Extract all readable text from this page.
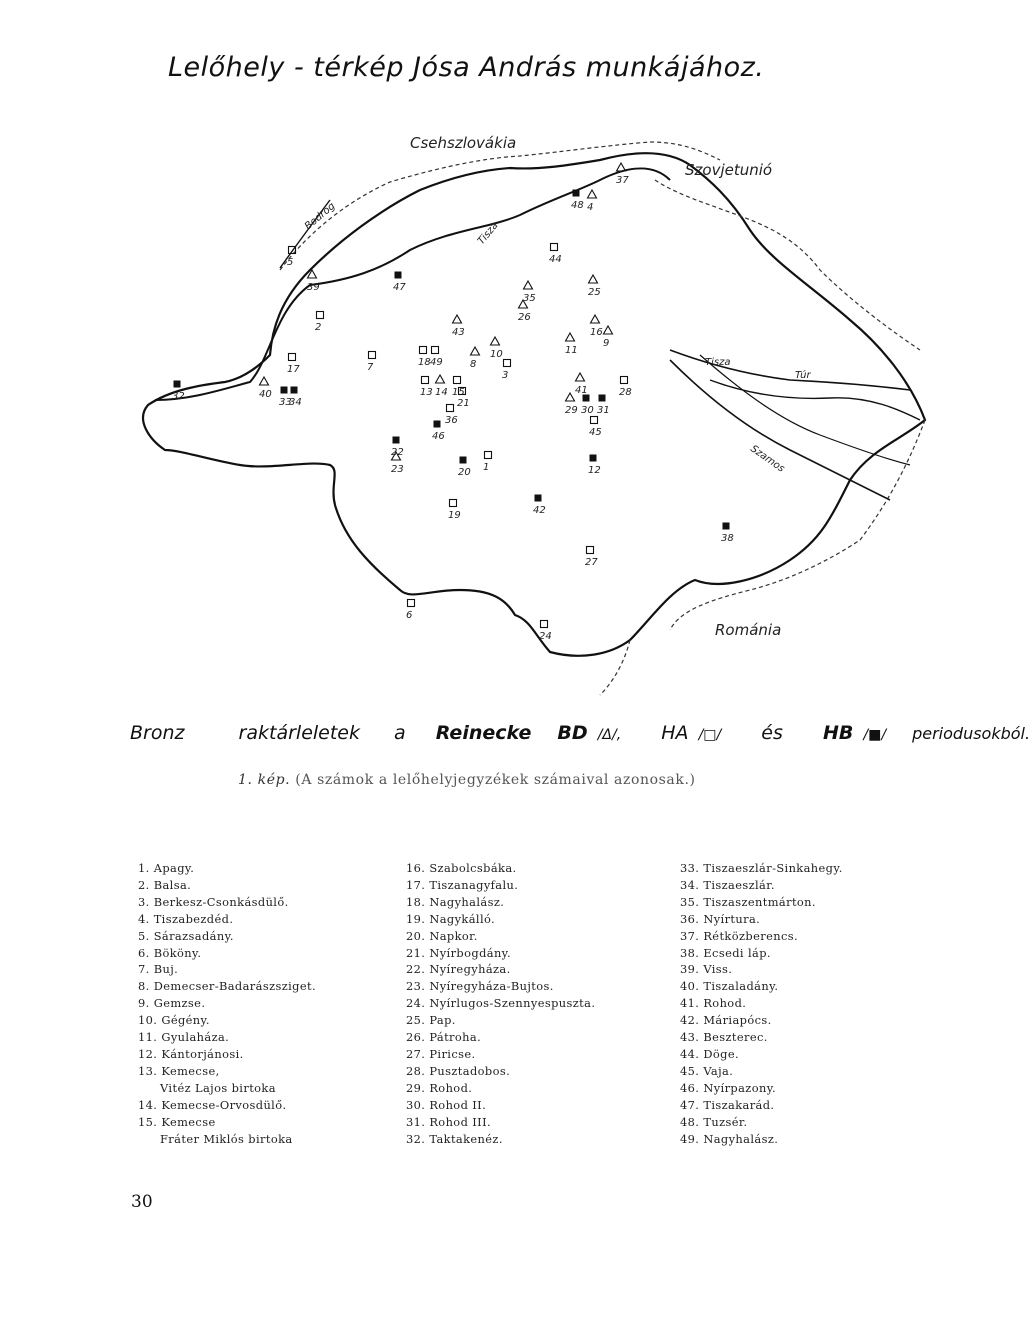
Lelőhely - térkép Jósa András munkájához.
Csehszlovákia
Szovjetunió
Románia
Bodrog
Tisza
Tisza
Túr
Szamos
1
2
3
4
5
6
7	8
9
10	11
12
13 14 15
16
17
18
19
20
21
22
23
24
25
26
27
28
29 30 31
32
33
34
35
36
37
38
39
40	41
42
43
44
45
46
47
48
49
Bronz	raktárleletek a Reinecke BD /Δ/, HA /□/ és HB /■/ periodusokból.
1. kép. (A számok a lelőhelyjegyzékek számaival azonosak.)
1. Apagy.
2. Balsa.
3. Berkesz-Csonkásdülő.
4. Tiszabezdéd.
5. Sárazsadány.
6. Bököny.
7. Buj.
8. Demecser-Badarászsziget.
9. Gemzse.
10. Gégény.
11. Gyulaháza.
12. Kántorjánosi.
13. Kemecse,
Vitéz Lajos birtoka
14. Kemecse-Orvosdülő.
15. Kemecse
Fráter Miklós birtoka
16. Szabolcsbáka.
17. Tiszanagyfalu.
18. Nagyhalász.
19. Nagykálló.
20. Napkor.
21. Nyírbogdány.
22. Nyíregyháza.
23. Nyíregyháza-Bujtos.
24. Nyírlugos-Szennyespuszta.
25. Pap.
26. Pátroha.
27. Piricse.
28. Pusztadobos.
29. Rohod.
30. Rohod II.
31. Rohod III.
32. Taktakenéz.
33. Tiszaeszlár-Sinkahegy.
34. Tiszaeszlár.
35. Tiszaszentmárton.
36. Nyírtura.
37. Rétközberencs.
38. Ecsedi láp.
39. Viss.
40. Tiszaladány.
41. Rohod.
42. Máriapócs.
43. Beszterec.
44. Döge.
45. Vaja.
46. Nyírpazony.
47. Tiszakarád.
48. Tuzsér.
49. Nagyhalász.
30
